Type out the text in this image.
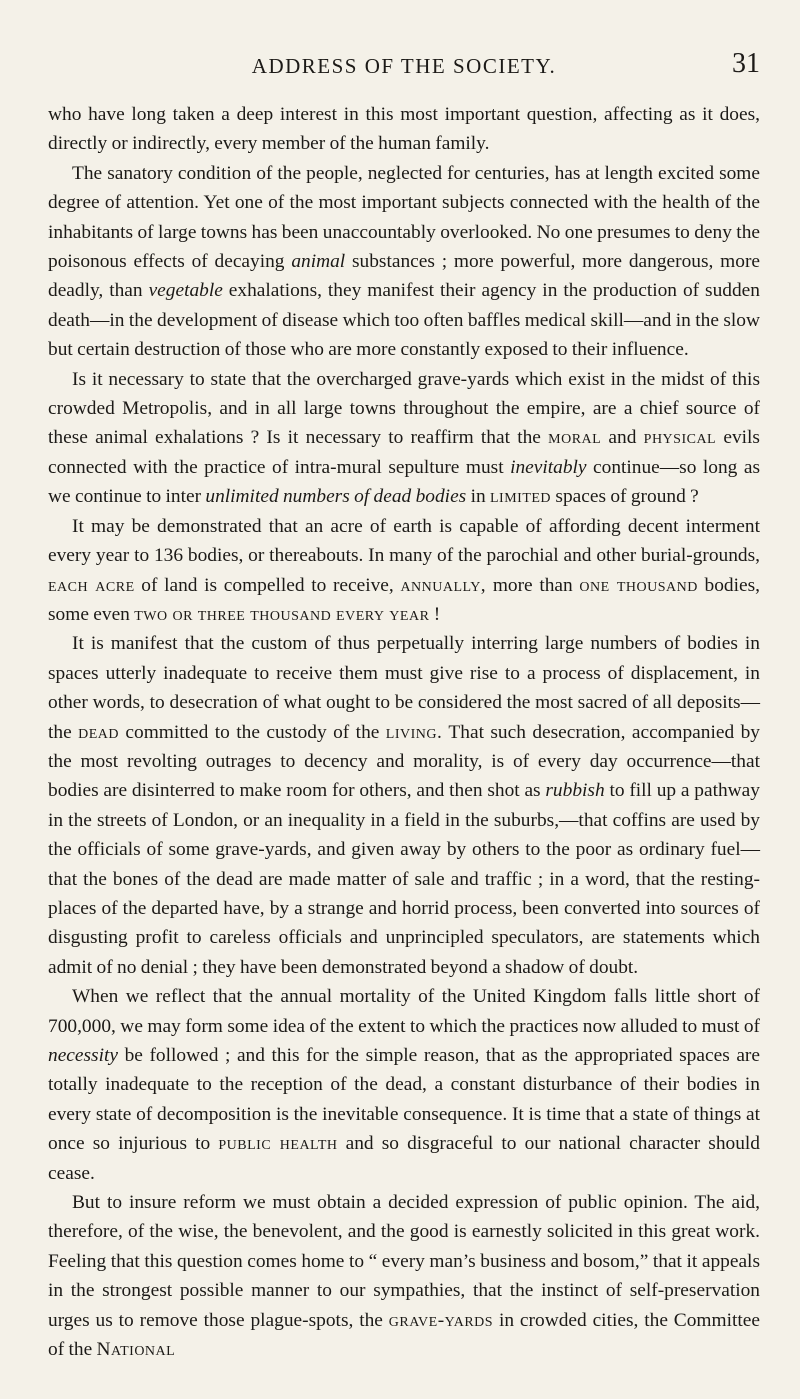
ADDRESS OF THE SOCIETY.	31

who have long taken a deep interest in this most important question, affecting as it does, directly or indirectly, every member of the human family.

The sanatory condition of the people, neglected for centuries, has at length excited some degree of attention. Yet one of the most important subjects connected with the health of the inhabitants of large towns has been unaccountably overlooked. No one presumes to deny the poisonous effects of decaying animal substances ; more powerful, more dangerous, more deadly, than vegetable exhalations, they manifest their agency in the production of sudden death—in the development of disease which too often baffles medical skill—and in the slow but certain destruction of those who are more constantly exposed to their influence.

Is it necessary to state that the overcharged grave-yards which exist in the midst of this crowded Metropolis, and in all large towns throughout the empire, are a chief source of these animal exhalations ? Is it necessary to reaffirm that the moral and physical evils connected with the practice of intra-mural sepulture must inevitably continue—so long as we continue to inter unlimited numbers of dead bodies in limited spaces of ground ?

It may be demonstrated that an acre of earth is capable of affording decent interment every year to 136 bodies, or thereabouts. In many of the parochial and other burial-grounds, each acre of land is compelled to receive, annually, more than one thousand bodies, some even two or three thousand every year !

It is manifest that the custom of thus perpetually interring large numbers of bodies in spaces utterly inadequate to receive them must give rise to a process of displacement, in other words, to desecration of what ought to be considered the most sacred of all deposits—the dead committed to the custody of the living. That such desecration, accompanied by the most revolting outrages to decency and morality, is of every day occurrence—that bodies are disinterred to make room for others, and then shot as rubbish to fill up a pathway in the streets of London, or an inequality in a field in the suburbs,—that coffins are used by the officials of some grave-yards, and given away by others to the poor as ordinary fuel—that the bones of the dead are made matter of sale and traffic ; in a word, that the resting-places of the departed have, by a strange and horrid process, been converted into sources of disgusting profit to careless officials and unprincipled speculators, are statements which admit of no denial ; they have been demonstrated beyond a shadow of doubt.

When we reflect that the annual mortality of the United Kingdom falls little short of 700,000, we may form some idea of the extent to which the practices now alluded to must of necessity be followed ; and this for the simple reason, that as the appropriated spaces are totally inadequate to the reception of the dead, a constant disturbance of their bodies in every state of decomposition is the inevitable consequence. It is time that a state of things at once so injurious to public health and so disgraceful to our national character should cease.

But to insure reform we must obtain a decided expression of public opinion. The aid, therefore, of the wise, the benevolent, and the good is earnestly solicited in this great work. Feeling that this question comes home to “ every man’s business and bosom,” that it appeals in the strongest possible manner to our sympathies, that the instinct of self-preservation urges us to remove those plague-spots, the grave-yards in crowded cities, the Committee of the National
